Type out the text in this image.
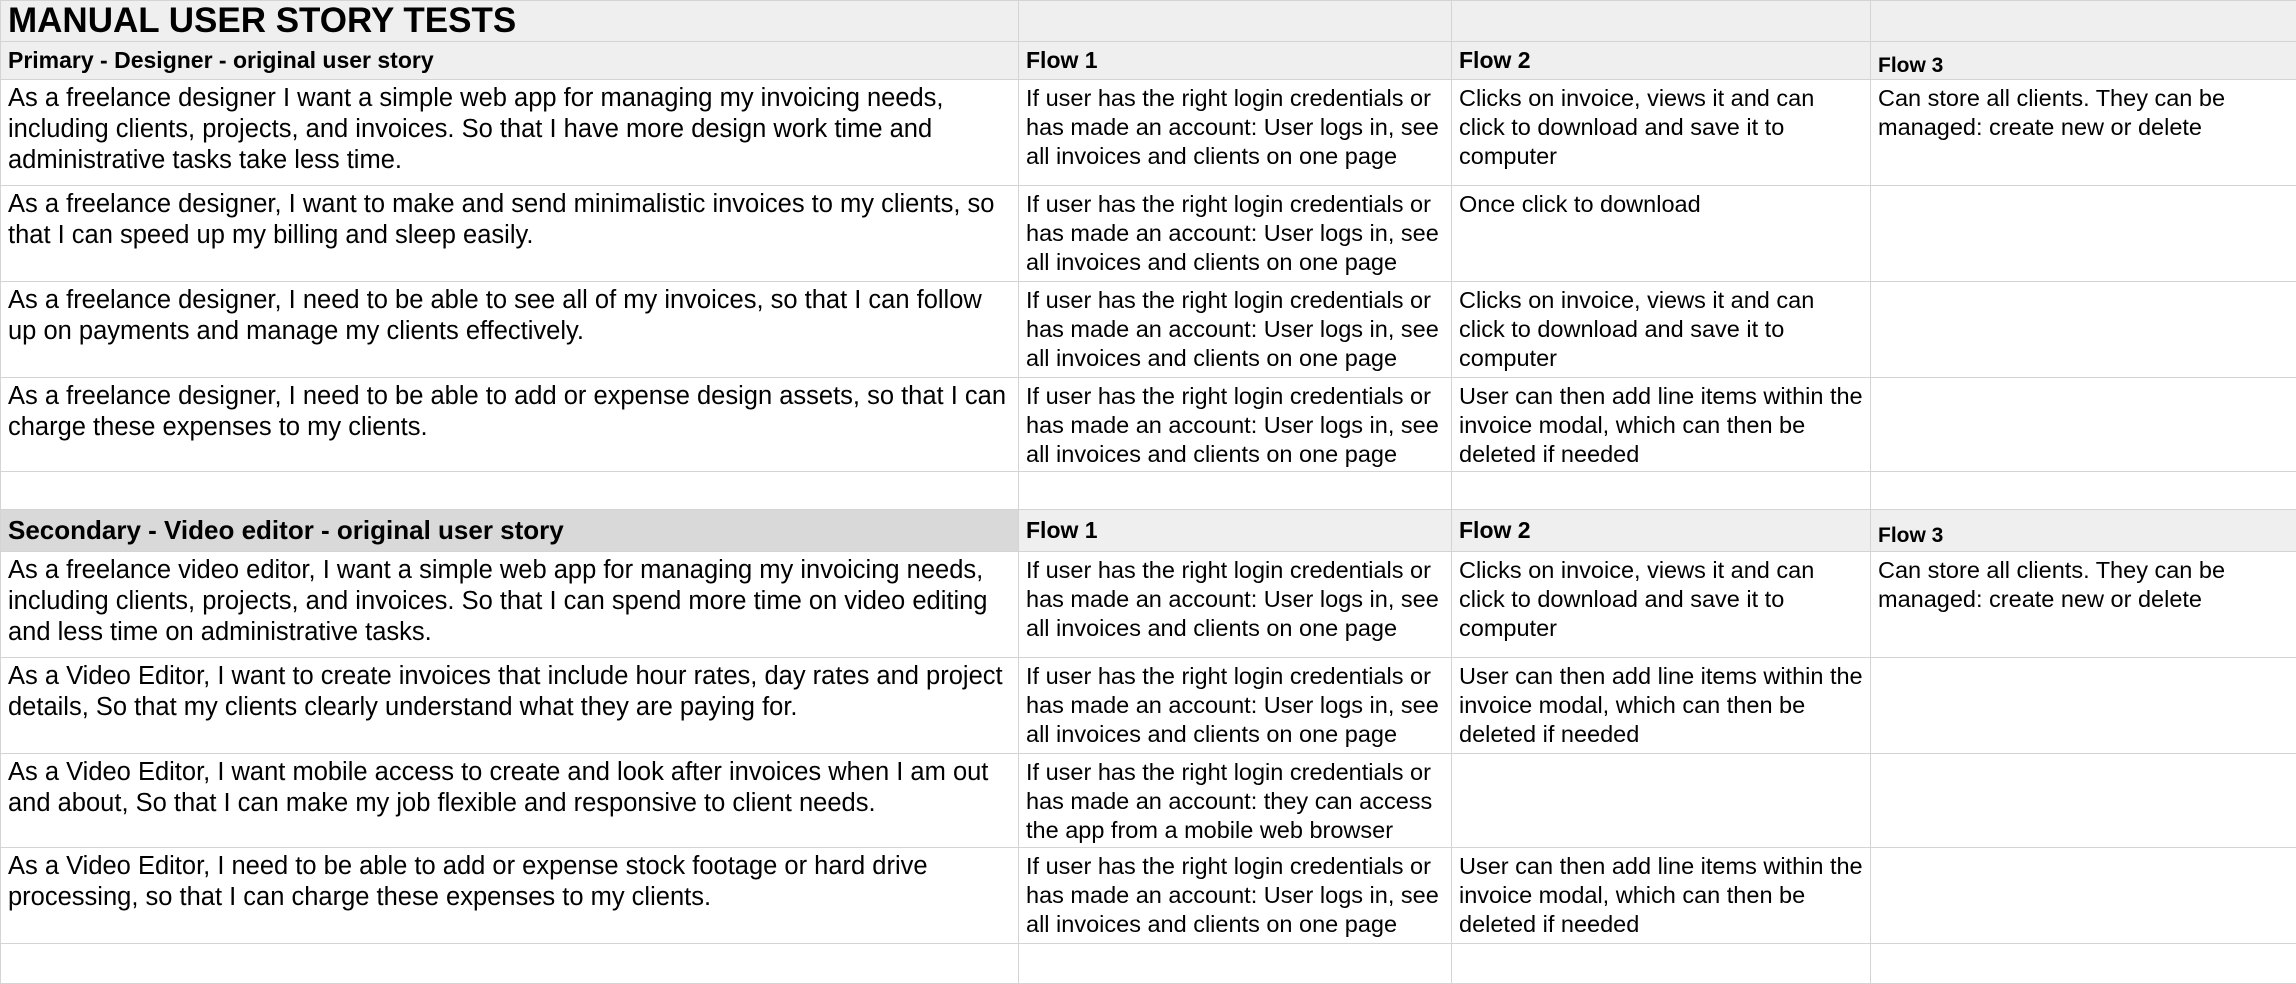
MANUAL USER STORY TESTS			
Primary - Designer - original user story	Flow 1	Flow 2	Flow 3
As a freelance designer I want a simple web app for managing my invoicing needs, including clients, projects, and invoices. So that I have more design work time and administrative tasks take less time.	If user has the right login credentials or has made an account: User logs in, see all invoices and clients on one page	Clicks on invoice, views it and can click to download and save it to computer	Can store all clients. They can be managed: create new or delete
As a freelance designer, I want to make and send minimalistic invoices to my clients, so that I can speed up my billing and sleep easily.	If user has the right login credentials or has made an account: User logs in, see all invoices and clients on one page	Once click to download	
As a freelance designer, I need to be able to see all of my invoices, so that I can follow up on payments and manage my clients effectively.	If user has the right login credentials or has made an account: User logs in, see all invoices and clients on one page	Clicks on invoice, views it and can click to download and save it to computer	
As a freelance designer, I need to be able to add or expense design assets, so that I can charge these expenses to my clients.	If user has the right login credentials or has made an account: User logs in, see all invoices and clients on one page	User can then add line items within the invoice modal, which can then be deleted if needed	

Secondary - Video editor - original user story	Flow 1	Flow 2	Flow 3
As a freelance video editor, I want a simple web app for managing my invoicing needs, including clients, projects, and invoices. So that I can spend more time on video editing and less time on administrative tasks.	If user has the right login credentials or has made an account: User logs in, see all invoices and clients on one page	Clicks on invoice, views it and can click to download and save it to computer	Can store all clients. They can be managed: create new or delete
As a Video Editor, I want to create invoices that include hour rates, day rates and project details, So that my clients clearly understand what they are paying for.	If user has the right login credentials or has made an account: User logs in, see all invoices and clients on one page	User can then add line items within the invoice modal, which can then be deleted if needed	
As a Video Editor, I want mobile access to create and look after invoices when I am out and about, So that I can make my job flexible and responsive to client needs.	If user has the right login credentials or has made an account: they can access the app from a mobile web browser		
As a Video Editor, I need to be able to add or expense stock footage or hard drive processing, so that I can charge these expenses to my clients.	If user has the right login credentials or has made an account: User logs in, see all invoices and clients on one page	User can then add line items within the invoice modal, which can then be deleted if needed	
